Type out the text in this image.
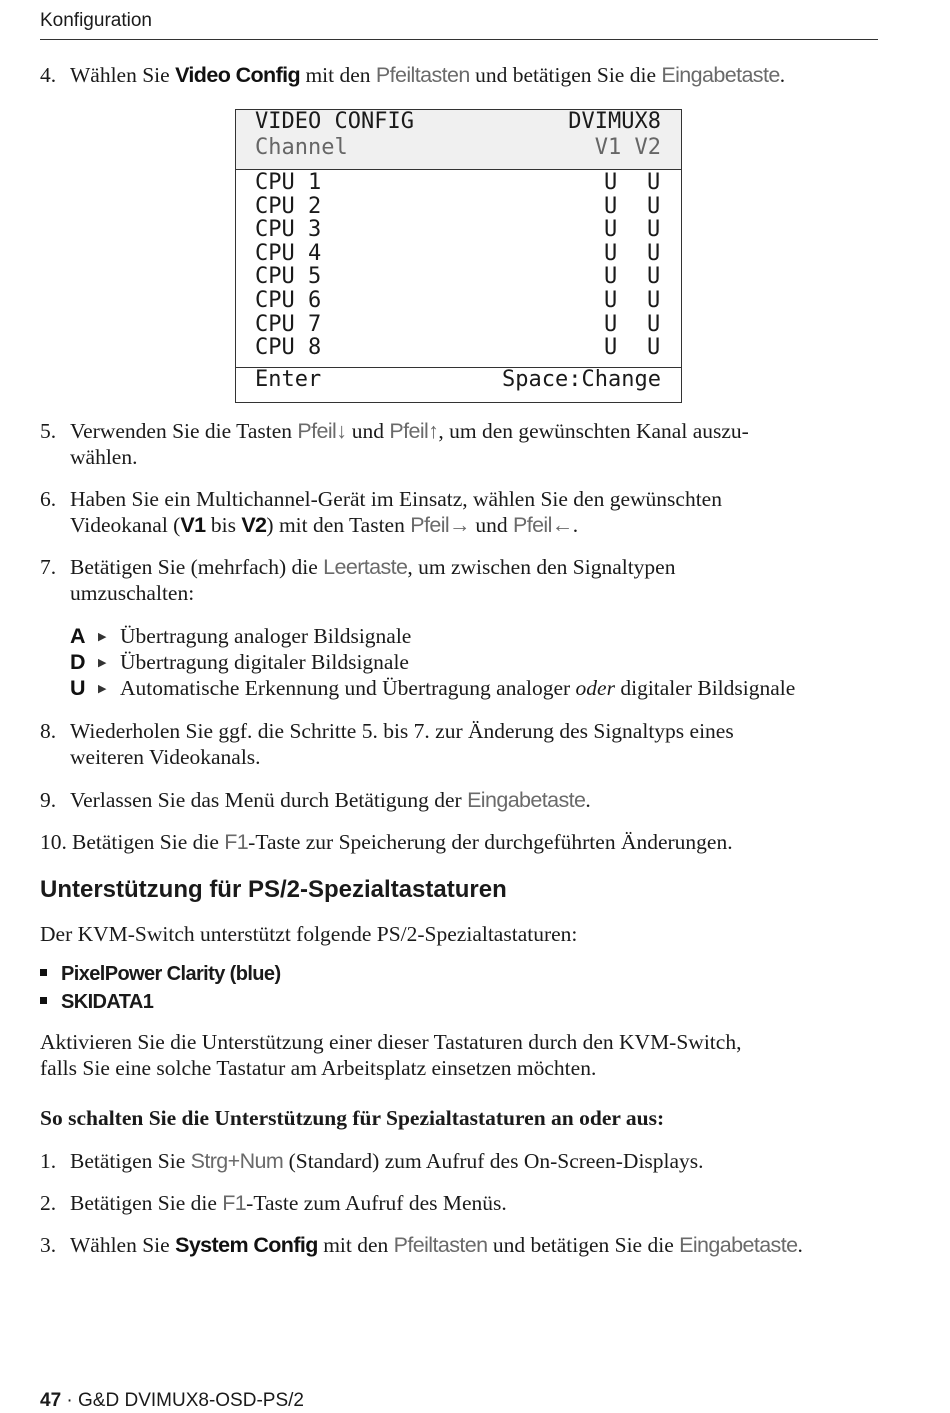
Konfiguration
4. Wählen Sie Video Config mit den Pfeiltasten und betätigen Sie die Eingabetaste.
VIDEO CONFIG	DVIMUX8
Channel	V1 V2
CPU 1	U U
CPU 2	U U
CPU 3	U U
CPU 4	U U
CPU 5	U U
CPU 6	U U
CPU 7	U U
CPU 8	U U
Enter	Space:Change
5. Verwenden Sie die Tasten Pfeil↓ und Pfeil↑, um den gewünschten Kanal auszu-
wählen.
6. Haben Sie ein Multichannel-Gerät im Einsatz, wählen Sie den gewünschten
Videokanal (V1 bis V2) mit den Tasten Pfeil→ und Pfeil←.
7. Betätigen Sie (mehrfach) die Leertaste, um zwischen den Signaltypen
umzuschalten:
A ▶ Übertragung analoger Bildsignale
D ▶ Übertragung digitaler Bildsignale
U ▶ Automatische Erkennung und Übertragung analoger oder digitaler Bildsignale
8. Wiederholen Sie ggf. die Schritte 5. bis 7. zur Änderung des Signaltyps eines
weiteren Videokanals.
9. Verlassen Sie das Menü durch Betätigung der Eingabetaste.
10. Betätigen Sie die F1-Taste zur Speicherung der durchgeführten Änderungen.
Unterstützung für PS/2-Spezialtastaturen
Der KVM-Switch unterstützt folgende PS/2-Spezialtastaturen:
PixelPower Clarity (blue)
SKIDATA1
Aktivieren Sie die Unterstützung einer dieser Tastaturen durch den KVM-Switch,
falls Sie eine solche Tastatur am Arbeitsplatz einsetzen möchten.
So schalten Sie die Unterstützung für Spezialtastaturen an oder aus:
1. Betätigen Sie Strg+Num (Standard) zum Aufruf des On-Screen-Displays.
2. Betätigen Sie die F1-Taste zum Aufruf des Menüs.
3. Wählen Sie System Config mit den Pfeiltasten und betätigen Sie die Eingabetaste.
47 · G&D DVIMUX8-OSD-PS/2
